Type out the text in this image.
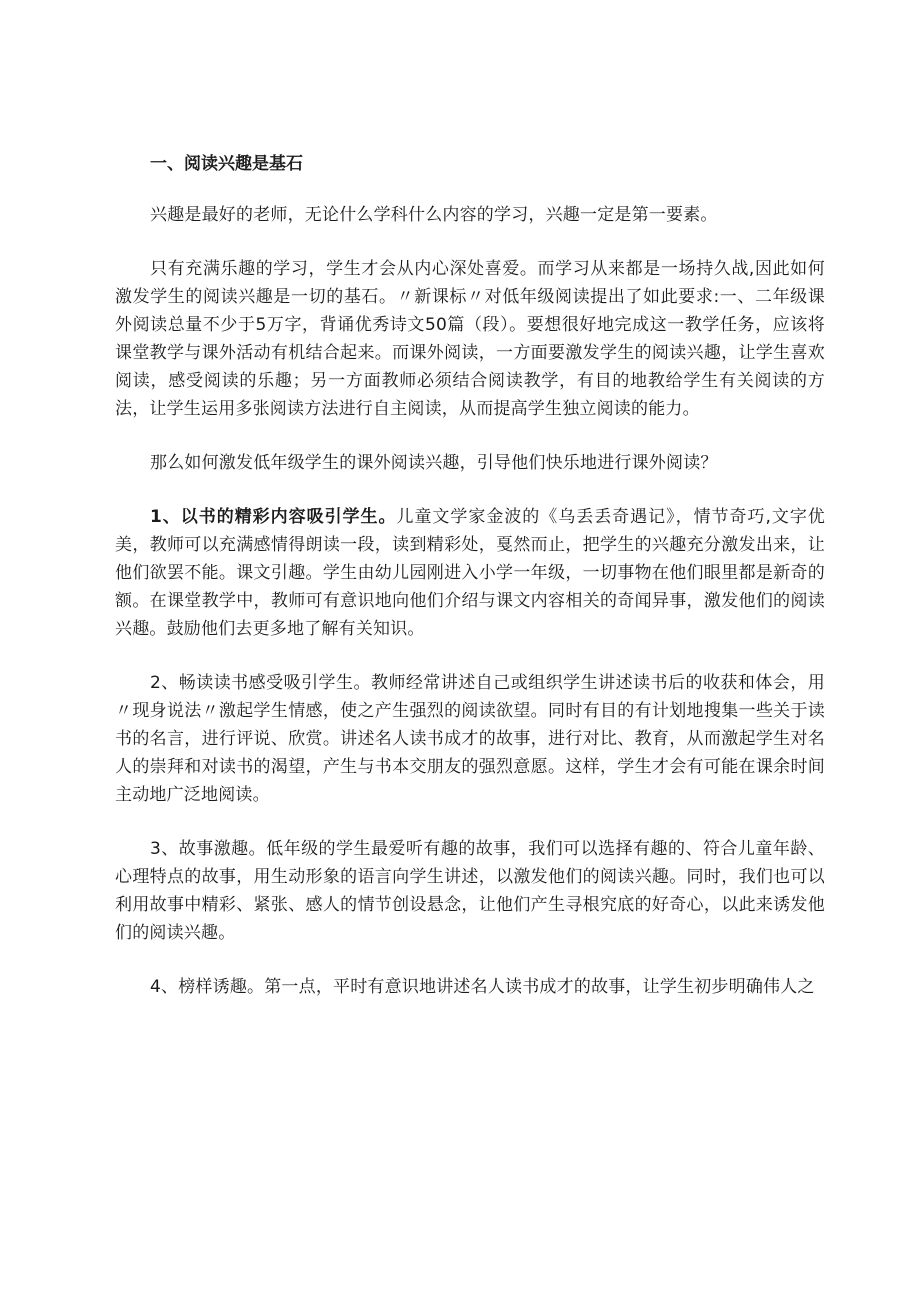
一、阅读兴趣是基石

兴趣是最好的老师，无论什么学科什么内容的学习，兴趣一定是第一要素。

只有充满乐趣的学习，学生才会从内心深处喜爱。而学习从来都是一场持久战,因此如何激发学生的阅读兴趣是一切的基石。〃新课标〃对低年级阅读提出了如此要求:一、二年级课外阅读总量不少于5万字，背诵优秀诗文50篇（段）。要想很好地完成这一教学任务，应该将课堂教学与课外活动有机结合起来。而课外阅读，一方面要激发学生的阅读兴趣，让学生喜欢阅读，感受阅读的乐趣；另一方面教师必须结合阅读教学，有目的地教给学生有关阅读的方法，让学生运用多张阅读方法进行自主阅读，从而提高学生独立阅读的能力。

那么如何激发低年级学生的课外阅读兴趣，引导他们快乐地进行课外阅读？

1、以书的精彩内容吸引学生。儿童文学家金波的《乌丢丢奇遇记》，情节奇巧,文字优美，教师可以充满感情得朗读一段，读到精彩处，戛然而止，把学生的兴趣充分激发出来，让他们欲罢不能。课文引趣。学生由幼儿园刚进入小学一年级，一切事物在他们眼里都是新奇的额。在课堂教学中，教师可有意识地向他们介绍与课文内容相关的奇闻异事，激发他们的阅读兴趣。鼓励他们去更多地了解有关知识。

2、畅读读书感受吸引学生。教师经常讲述自己或组织学生讲述读书后的收获和体会，用〃现身说法〃激起学生情感，使之产生强烈的阅读欲望。同时有目的有计划地搜集一些关于读书的名言，进行评说、欣赏。讲述名人读书成才的故事，进行对比、教育，从而激起学生对名人的崇拜和对读书的渴望，产生与书本交朋友的强烈意愿。这样，学生才会有可能在课余时间主动地广泛地阅读。

3、故事激趣。低年级的学生最爱听有趣的故事，我们可以选择有趣的、符合儿童年龄、心理特点的故事，用生动形象的语言向学生讲述，以激发他们的阅读兴趣。同时，我们也可以利用故事中精彩、紧张、感人的情节创设悬念，让他们产生寻根究底的好奇心，以此来诱发他们的阅读兴趣。

4、榜样诱趣。第一点，平时有意识地讲述名人读书成才的故事，让学生初步明确伟人之
